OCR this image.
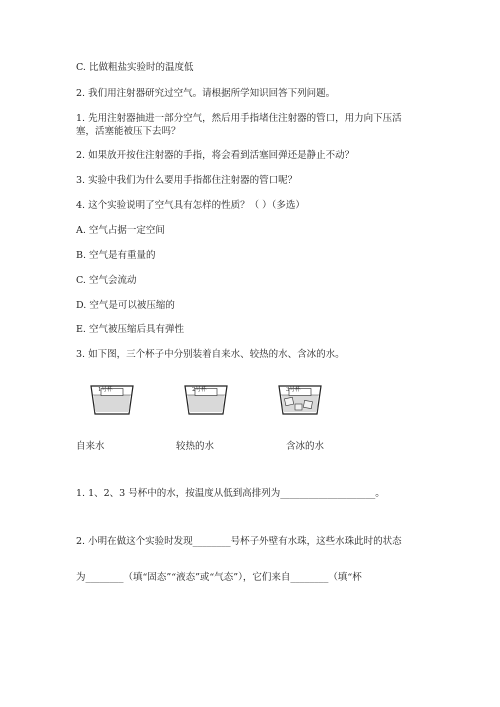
C. 比做粗盐实验时的温度低
2. 我们用注射器研究过空气。请根据所学知识回答下列问题。
1. 先用注射器抽进一部分空气，然后用手指堵住注射器的管口，用力向下压活
塞，活塞能被压下去吗？
2. 如果放开按住注射器的手指，将会看到活塞回弹还是静止不动？
3. 实验中我们为什么要用手指都住注射器的管口呢？
4. 这个实验说明了空气具有怎样的性质？（ ）（多选）
A. 空气占据一定空间
B. 空气是有重量的
C. 空气会流动
D. 空气是可以被压缩的
E. 空气被压缩后具有弹性
3. 如下图，三个杯子中分别装着自来水、较热的水、含冰的水。
1号杯	2号杯	3号杯
自来水	较热的水	含冰的水
1. 1、2、3 号杯中的水，按温度从低到高排列为____________________。
2. 小明在做这个实验时发现________号杯子外壁有水珠，这些水珠此时的状态
为________（填“固态”“液态”或“气态”），它们来自________（填“杯
